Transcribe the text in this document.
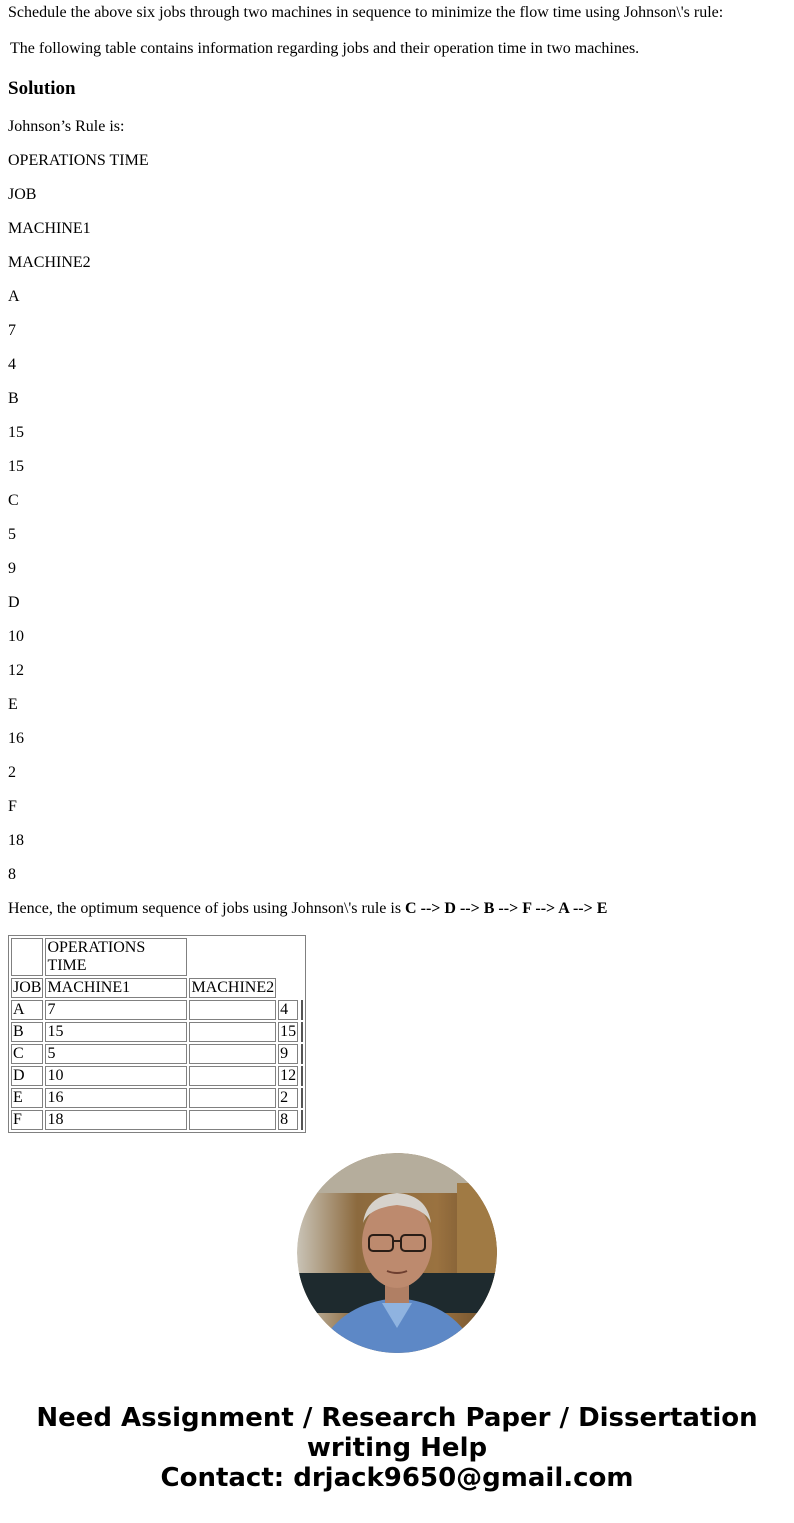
Schedule the above six jobs through two machines in sequence to minimize the flow time using Johnson\'s rule:

The following table contains information regarding jobs and their operation time in two machines.

Solution

Johnson’s Rule is:

OPERATIONS TIME

JOB

MACHINE1

MACHINE2

A

7

4

B

15

15

C

5

9

D

10

12

E

16

2

F

18

8

Hence, the optimum sequence of jobs using Johnson\'s rule is C --> D --> B --> F --> A --> E

	OPERATIONS TIME			
JOB	MACHINE1	MACHINE2		
A	7		4	
B	15		15	
C	5		9	
D	10		12	
E	16		2	
F	18		8	
Need Assignment / Research Paper / Dissertation
writing Help
Contact: drjack9650@gmail.com
